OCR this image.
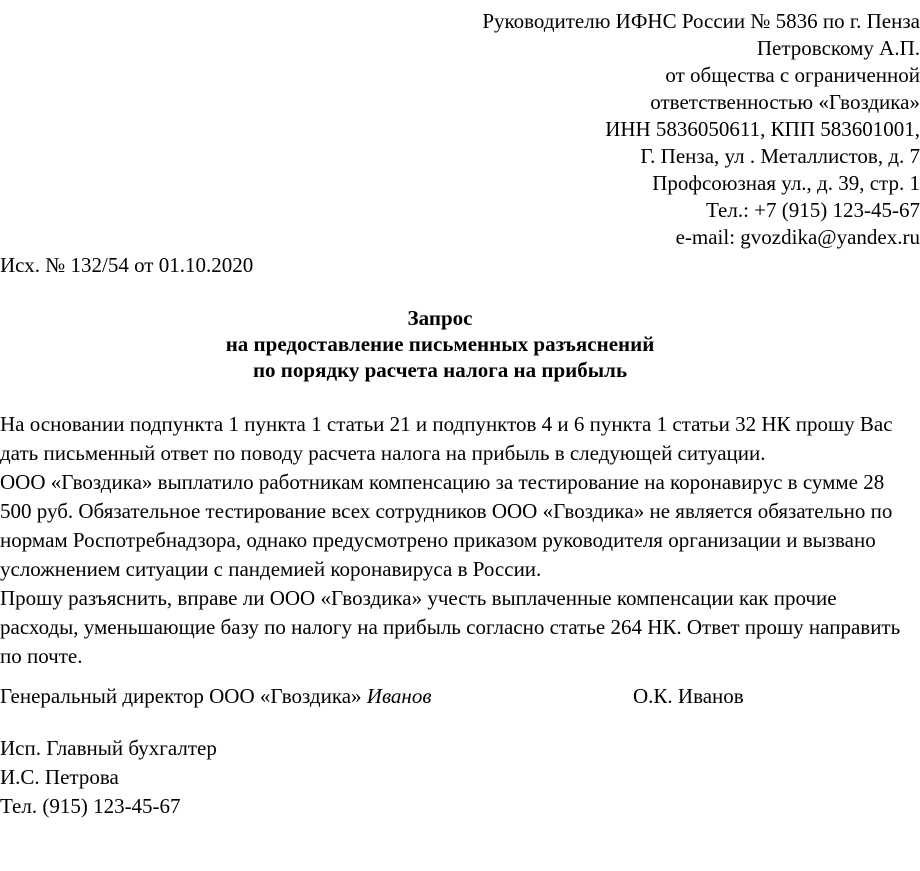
Руководителю ИФНС России № 5836 по г. Пенза
Петровскому А.П.
от общества с ограниченной
ответственностью «Гвоздика»
ИНН 5836050611, КПП 583601001,
Г. Пенза, ул . Металлистов, д. 7
Профсоюзная ул., д. 39, стр. 1
Тел.: +7 (915) 123-45-67
e-mail: gvozdika@yandex.ru
Исх. № 132/54 от 01.10.2020
Запрос
на предоставление письменных разъяснений
по порядку расчета налога на прибыль

На основании подпункта 1 пункта 1 статьи 21 и подпунктов 4 и 6 пункта 1 статьи 32 НК прошу Вас дать письменный ответ по поводу расчета налога на прибыль в следующей ситуации.

ООО «Гвоздика» выплатило работникам компенсацию за тестирование на коронавирус в сумме 28 500 руб. Обязательное тестирование всех сотрудников ООО «Гвоздика» не является обязательно по нормам Роспотребнадзора, однако предусмотрено приказом руководителя организации и вызвано усложнением ситуации с пандемией коронавируса в России.

Прошу разъяснить, вправе ли ООО «Гвоздика» учесть выплаченные компенсации как прочие расходы, уменьшающие базу по налогу на прибыль согласно статье 264 НК. Ответ прошу направить по почте.

Генеральный директор ООО «Гвоздика» Иванов	О.К. Иванов
Исп. Главный бухгалтер
И.С. Петрова
Тел. (915) 123-45-67
